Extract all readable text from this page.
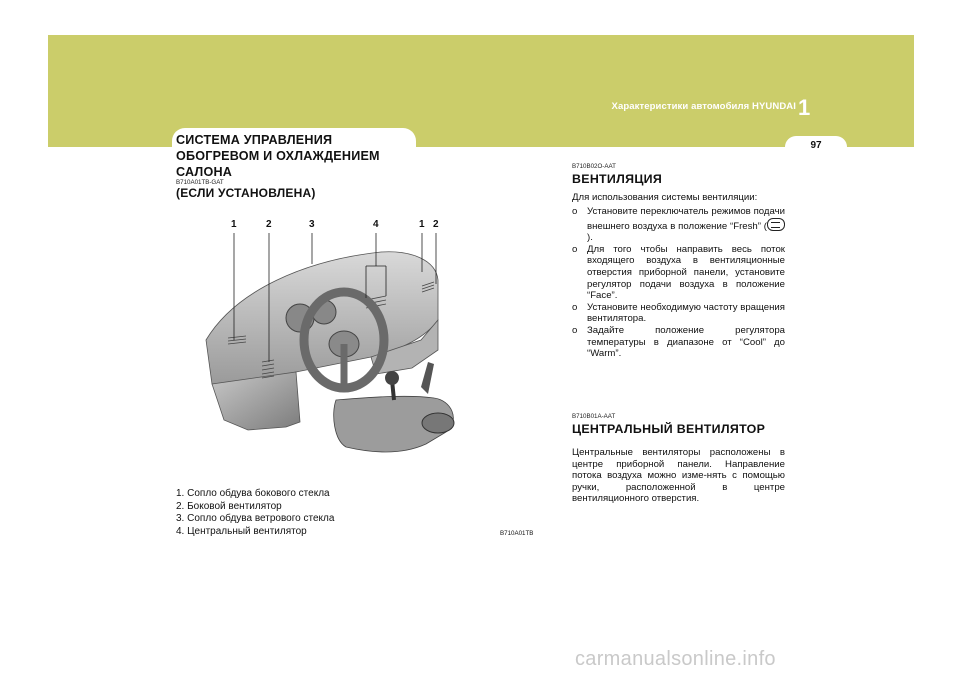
Характеристики автомобиля HYUNDAI 1
97
СИСТЕМА УПРАВЛЕНИЯ
ОБОГРЕВОМ И ОХЛАЖДЕНИЕМ
САЛОНА
B710A01TB-GAT
(ЕСЛИ УСТАНОВЛЕНА)
1	2	3	4	1 2
1. Сопло обдува бокового стекла
2. Боковой вентилятор
3. Сопло обдува ветрового стекла
4. Центральный вентилятор	B710A01TB
B710B02O-AAT
ВЕНТИЛЯЦИЯ
Для использования системы вентиляции:
o Установите переключатель режимов подачи внешнего воздуха в положение “Fresh” ().
o Для того чтобы направить весь поток входящего воздуха в вентиляционные отверстия приборной панели, установите регулятор подачи воздуха в положение “Face”.
o Установите необходимую частоту вращения вентилятора.
o Задайте положение регулятора температуры в диапазоне от “Cool” до “Warm”.
B710B01A-AAT
ЦЕНТРАЛЬНЫЙ ВЕНТИЛЯТОР
Центральные вентиляторы расположены в центре приборной панели. Направление потока воздуха можно изме-нять с помощью ручки, расположенной в центре вентиляционного отверстия.
carmanualsonline.info
